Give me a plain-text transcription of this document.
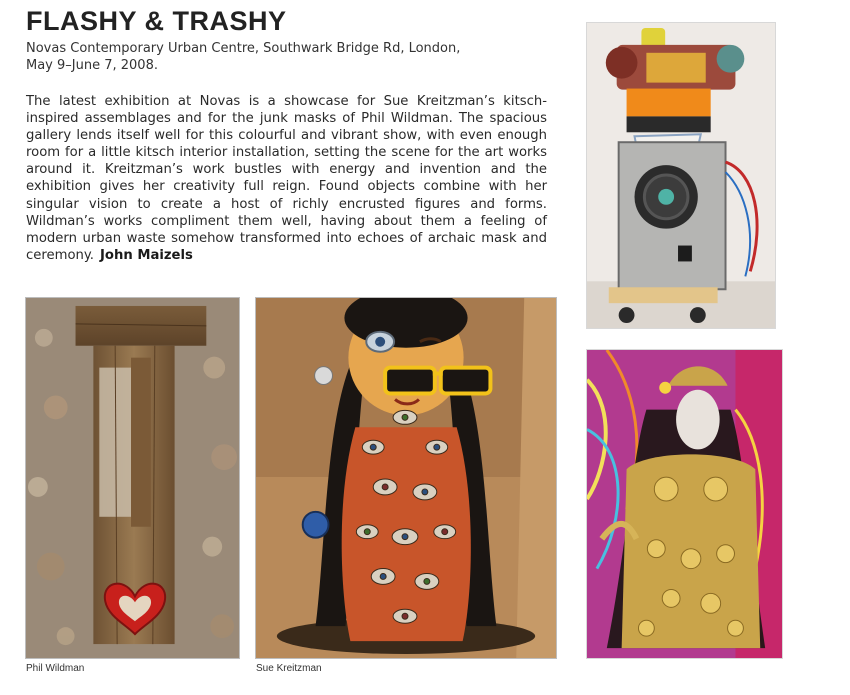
FLASHY & TRASHY
Novas Contemporary Urban Centre, Southwark Bridge Rd, London,
May 9–June 7, 2008.
The latest exhibition at Novas is a showcase for Sue Kreitzman’s kitsch-inspired assemblages and for the junk masks of Phil Wildman. The spacious gallery lends itself well for this colourful and vibrant show, with even enough room for a little kitsch interior installation, setting the scene for the art works around it. Kreitzman’s work bustles with energy and invention and the exhibition gives her creativity full reign. Found objects combine with her singular vision to create a host of richly encrusted figures and forms. Wildman’s works compliment them well, having about them a feeling of modern urban waste somehow transformed into echoes of archaic mask and ceremony. John Maizels
Phil Wildman	Sue Kreitzman
